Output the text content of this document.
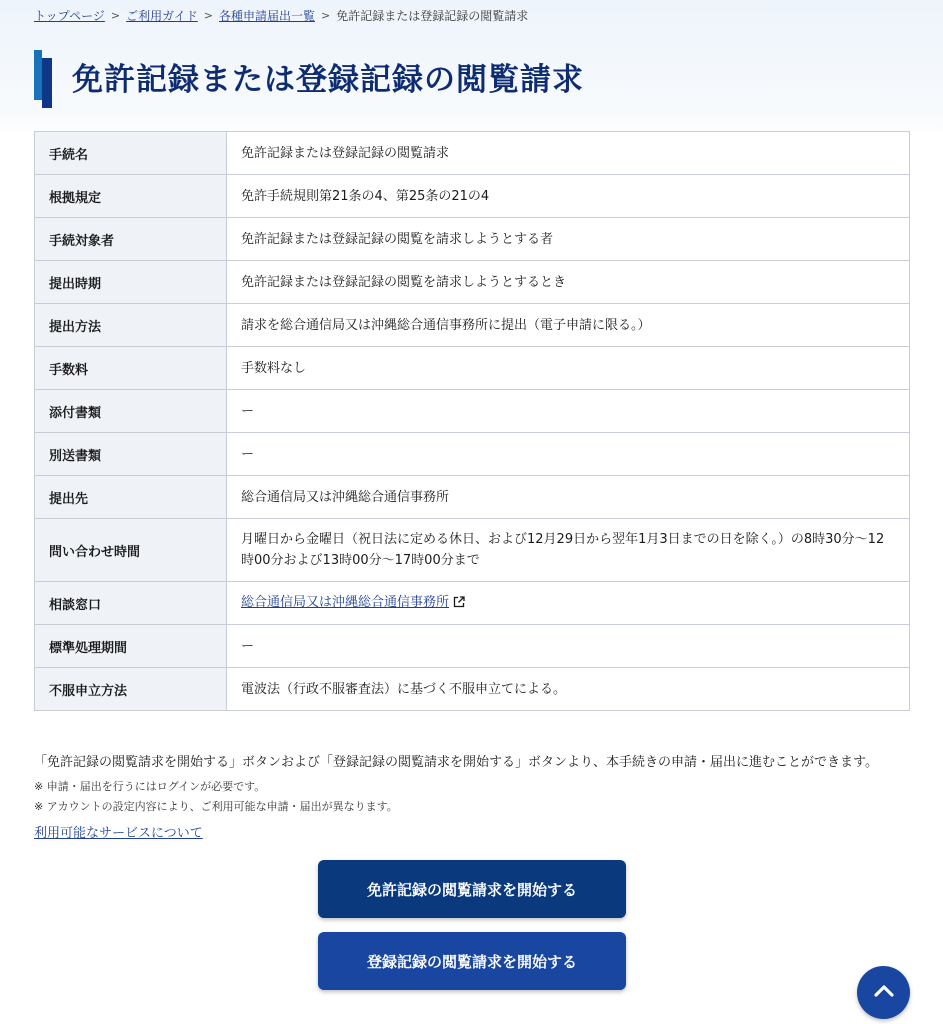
トップページ > ご利用ガイド > 各種申請届出一覧 > 免許記録または登録記録の閲覧請求
免許記録または登録記録の閲覧請求
手続名	免許記録または登録記録の閲覧請求
根拠規定	免許手続規則第21条の4、第25条の21の4
手続対象者	免許記録または登録記録の閲覧を請求しようとする者
提出時期	免許記録または登録記録の閲覧を請求しようとするとき
提出方法	請求を総合通信局又は沖縄総合通信事務所に提出（電子申請に限る。）
手数料	手数料なし
添付書類	ー
別送書類	ー
提出先	総合通信局又は沖縄総合通信事務所
問い合わせ時間	月曜日から金曜日（祝日法に定める休日、および12月29日から翌年1月3日までの日を除く。）の8時30分〜12時00分および13時00分〜17時00分まで
相談窓口	総合通信局又は沖縄総合通信事務所
標準処理期間	ー
不服申立方法	電波法（行政不服審査法）に基づく不服申立てによる。

「免許記録の閲覧請求を開始する」ボタンおよび「登録記録の閲覧請求を開始する」ボタンより、本手続きの申請・届出に進むことができます。

※ 申請・届出を行うにはログインが必要です。

※ アカウントの設定内容により、ご利用可能な申請・届出が異なります。

利用可能なサービスについて
免許記録の閲覧請求を開始する
登録記録の閲覧請求を開始する
